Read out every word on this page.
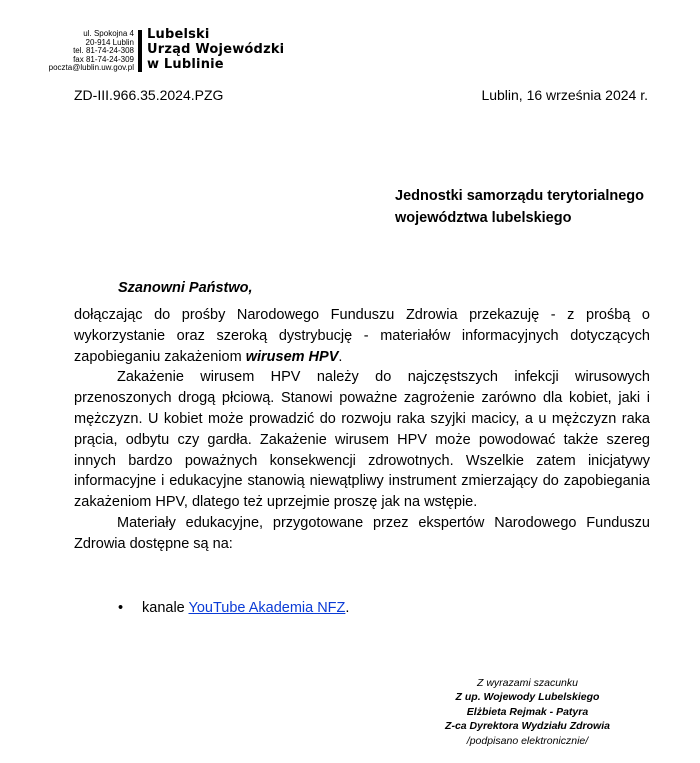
ul. Spokojna 4
20-914 Lublin
tel. 81-74-24-308
fax 81-74-24-309
poczta@lublin.uw.gov.pl
Lubelski
Urząd Wojewódzki
w Lublinie
ZD-III.966.35.2024.PZG	Lublin, 16 września 2024 r.
Jednostki samorządu terytorialnego
województwa lubelskiego
Szanowni Państwo,

dołączając do prośby Narodowego Funduszu Zdrowia przekazuję - z prośbą o wykorzystanie oraz szeroką dystrybucję - materiałów informacyjnych dotyczących zapobieganiu zakażeniom wirusem HPV.

Zakażenie wirusem HPV należy do najczęstszych infekcji wirusowych przenoszonych drogą płciową. Stanowi poważne zagrożenie zarówno dla kobiet, jaki i mężczyzn. U kobiet może prowadzić do rozwoju raka szyjki macicy, a u mężczyzn raka prącia, odbytu czy gardła. Zakażenie wirusem HPV może powodować także szereg innych bardzo poważnych konsekwencji zdrowotnych. Wszelkie zatem inicjatywy informacyjne i edukacyjne stanowią niewątpliwy instrument zmierzający do zapobiegania zakażeniom HPV, dlatego też uprzejmie proszę jak na wstępie.

Materiały edukacyjne, przygotowane przez ekspertów Narodowego Funduszu Zdrowia dostępne są na:

• kanale YouTube Akademia NFZ.
Z wyrazami szacunku
Z up. Wojewody Lubelskiego
Elżbieta Rejmak - Patyra
Z-ca Dyrektora Wydziału Zdrowia
/podpisano elektronicznie/
